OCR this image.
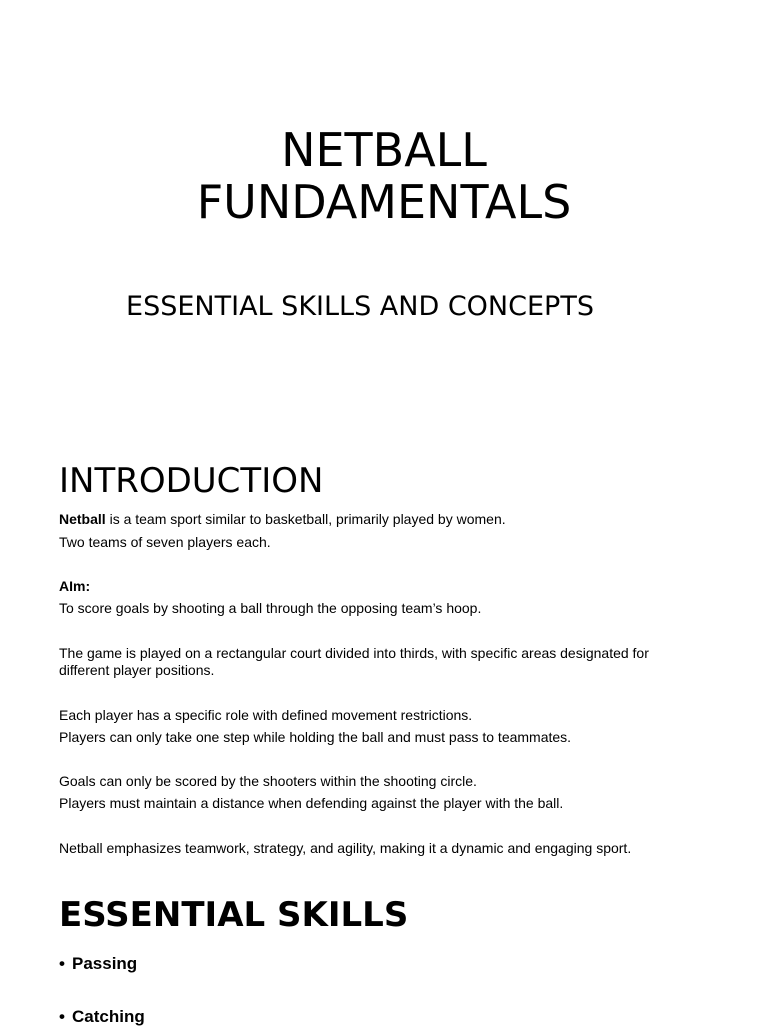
NETBALL
FUNDAMENTALS
ESSENTIAL SKILLS AND CONCEPTS
INTRODUCTION

Netball is a team sport similar to basketball, primarily played by women.

Two teams of seven players each.

AIm:

To score goals by shooting a ball through the opposing team’s hoop.

The game is played on a rectangular court divided into thirds, with specific areas designated for different player positions.

Each player has a specific role with defined movement restrictions.

Players can only take one step while holding the ball and must pass to teammates.

Goals can only be scored by the shooters within the shooting circle.

Players must maintain a distance when defending against the player with the ball.

Netball emphasizes teamwork, strategy, and agility, making it a dynamic and engaging sport.

ESSENTIAL SKILLS
• Passing
• Catching
